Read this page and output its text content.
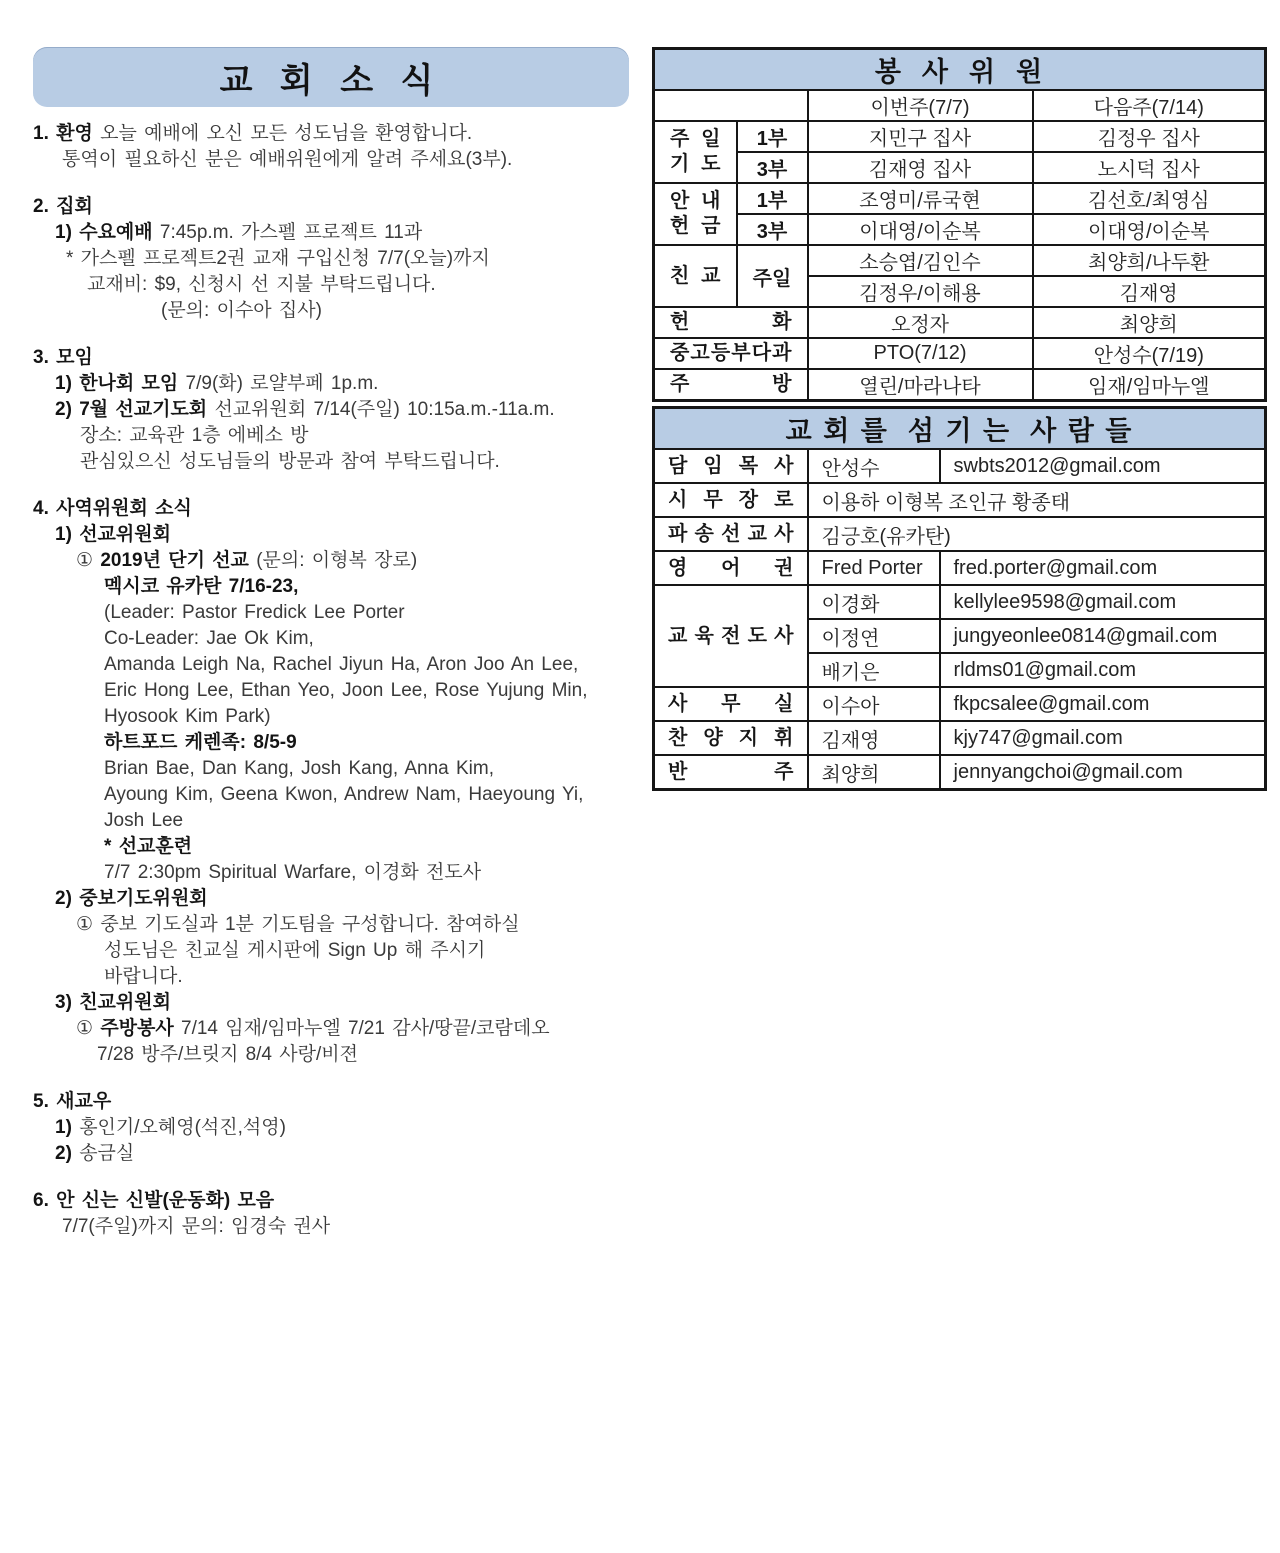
교 회 소 식
1. 환영 오늘 예배에 오신 모든 성도님을 환영합니다.
통역이 필요하신 분은 예배위원에게 알려 주세요(3부).
2. 집회
1) 수요예배 7:45p.m. 가스펠 프로젝트 11과
* 가스펠 프로젝트2권 교재 구입신청 7/7(오늘)까지
교재비: $9, 신청시 선 지불 부탁드립니다.
(문의: 이수아 집사)
3. 모임
1) 한나회 모임 7/9(화) 로얄부페 1p.m.
2) 7월 선교기도회 선교위원회 7/14(주일) 10:15a.m.-11a.m.
장소: 교육관 1층 에베소 방
관심있으신 성도님들의 방문과 참여 부탁드립니다.
4. 사역위원회 소식
1) 선교위원회
① 2019년 단기 선교 (문의: 이형복 장로)
멕시코 유카탄 7/16-23,
(Leader: Pastor Fredick Lee Porter
Co-Leader: Jae Ok Kim,
Amanda Leigh Na, Rachel Jiyun Ha, Aron Joo An Lee,
Eric Hong Lee, Ethan Yeo, Joon Lee, Rose Yujung Min,
Hyosook Kim Park)
하트포드 케렌족: 8/5-9
Brian Bae, Dan Kang, Josh Kang, Anna Kim,
Ayoung Kim, Geena Kwon, Andrew Nam, Haeyoung Yi,
Josh Lee
* 선교훈련
7/7 2:30pm Spiritual Warfare, 이경화 전도사
2) 중보기도위원회
① 중보 기도실과 1분 기도팀을 구성합니다. 참여하실
성도님은 친교실 게시판에 Sign Up 해 주시기
바랍니다.
3) 친교위원회
① 주방봉사 7/14 임재/임마누엘 7/21 감사/땅끝/코람데오
7/28 방주/브릿지 8/4 사랑/비젼
5. 새교우
1) 홍인기/오혜영(석진,석영)
2) 송금실
6. 안 신는 신발(운동화) 모음
7/7(주일)까지 문의: 임경숙 권사
봉  사  위  원			
		이번주(7/7)	다음주(7/14)

주 일
기 도	1부	지민구 집사	김정우 집사
	3부	김재영 집사	노시덕 집사

안 내
헌 금	1부	조영미/류국현	김선호/최영심
	3부	이대영/이순복	이대영/이순복

친 교	주일	소승엽/김인수	최양희/나두환
		김정우/이해용	김재영

헌 화		오정자	최양희

중 고 등 부 다 과	PTO(7/12)	안성수(7/19)

주 방		열린/마라나타	임재/임마누엘
교 회 를  섬 기 는  사 람 들		

담 임 목 사	안성수	swbts2012@gmail.com

시 무 장 로	이용하 이형복 조인규 황종태	

파 송 선 교 사	김긍호(유카탄)	

영 어 권	Fred Porter	fred.porter@gmail.com

교 육 전 도 사	이경화	kellylee9598@gmail.com
	이정연	jungyeonlee0814@gmail.com
	배기은	rldms01@gmail.com

사 무 실	이수아	fkpcsalee@gmail.com

찬 양 지 휘	김재영	kjy747@gmail.com

반 주	최양희	jennyangchoi@gmail.com
